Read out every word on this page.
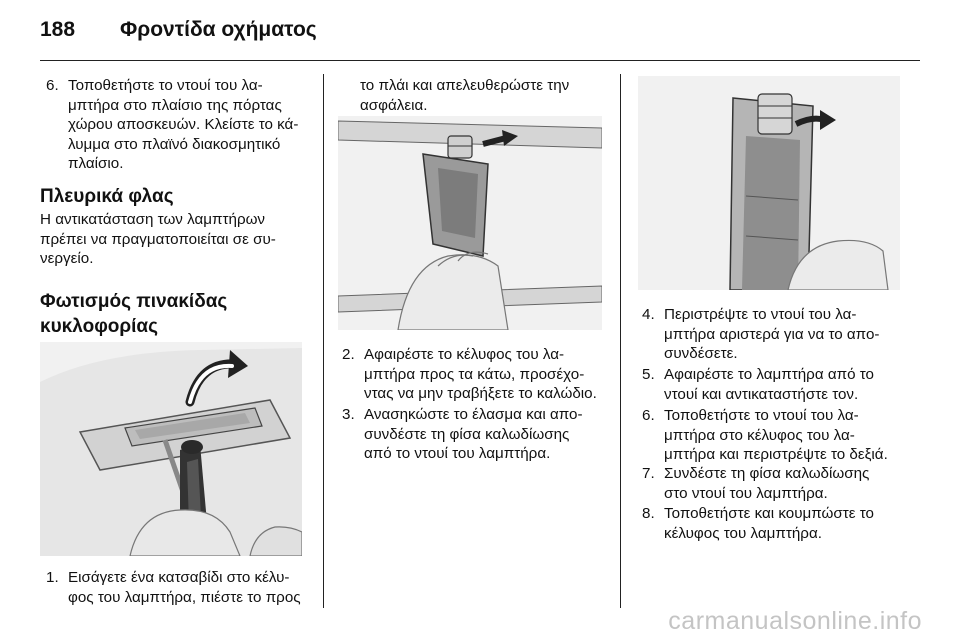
188 Φροντίδα οχήματος
6. Τοποθετήστε το ντουί του λα-
μπτήρα στο πλαίσιο της πόρτας
χώρου αποσκευών. Κλείστε το κά-
λυμμα στο πλαϊνό διακοσμητικό
πλαίσιο.
Πλευρικά φλας
Η αντικατάσταση των λαμπτήρων
πρέπει να πραγματοποιείται σε συ-
νεργείο.
Φωτισμός πινακίδας
κυκλοφορίας
1. Εισάγετε ένα κατσαβίδι στο κέλυ-
φος του λαμπτήρα, πιέστε το προς
το πλάι και απελευθερώστε την
ασφάλεια.
2. Αφαιρέστε το κέλυφος του λα-
μπτήρα προς τα κάτω, προσέχο-
ντας να μην τραβήξετε το καλώδιο.
3. Ανασηκώστε το έλασμα και απο-
συνδέστε τη φίσα καλωδίωσης
από το ντουί του λαμπτήρα.
4. Περιστρέψτε το ντουί του λα-
μπτήρα αριστερά για να το απο-
συνδέσετε.
5. Αφαιρέστε το λαμπτήρα από το
ντουί και αντικαταστήστε τον.
6. Τοποθετήστε το ντουί του λα-
μπτήρα στο κέλυφος του λα-
μπτήρα και περιστρέψτε το δεξιά.
7. Συνδέστε τη φίσα καλωδίωσης
στο ντουί του λαμπτήρα.
8. Τοποθετήστε και κουμπώστε το
κέλυφος του λαμπτήρα.
carmanualsonline.info
